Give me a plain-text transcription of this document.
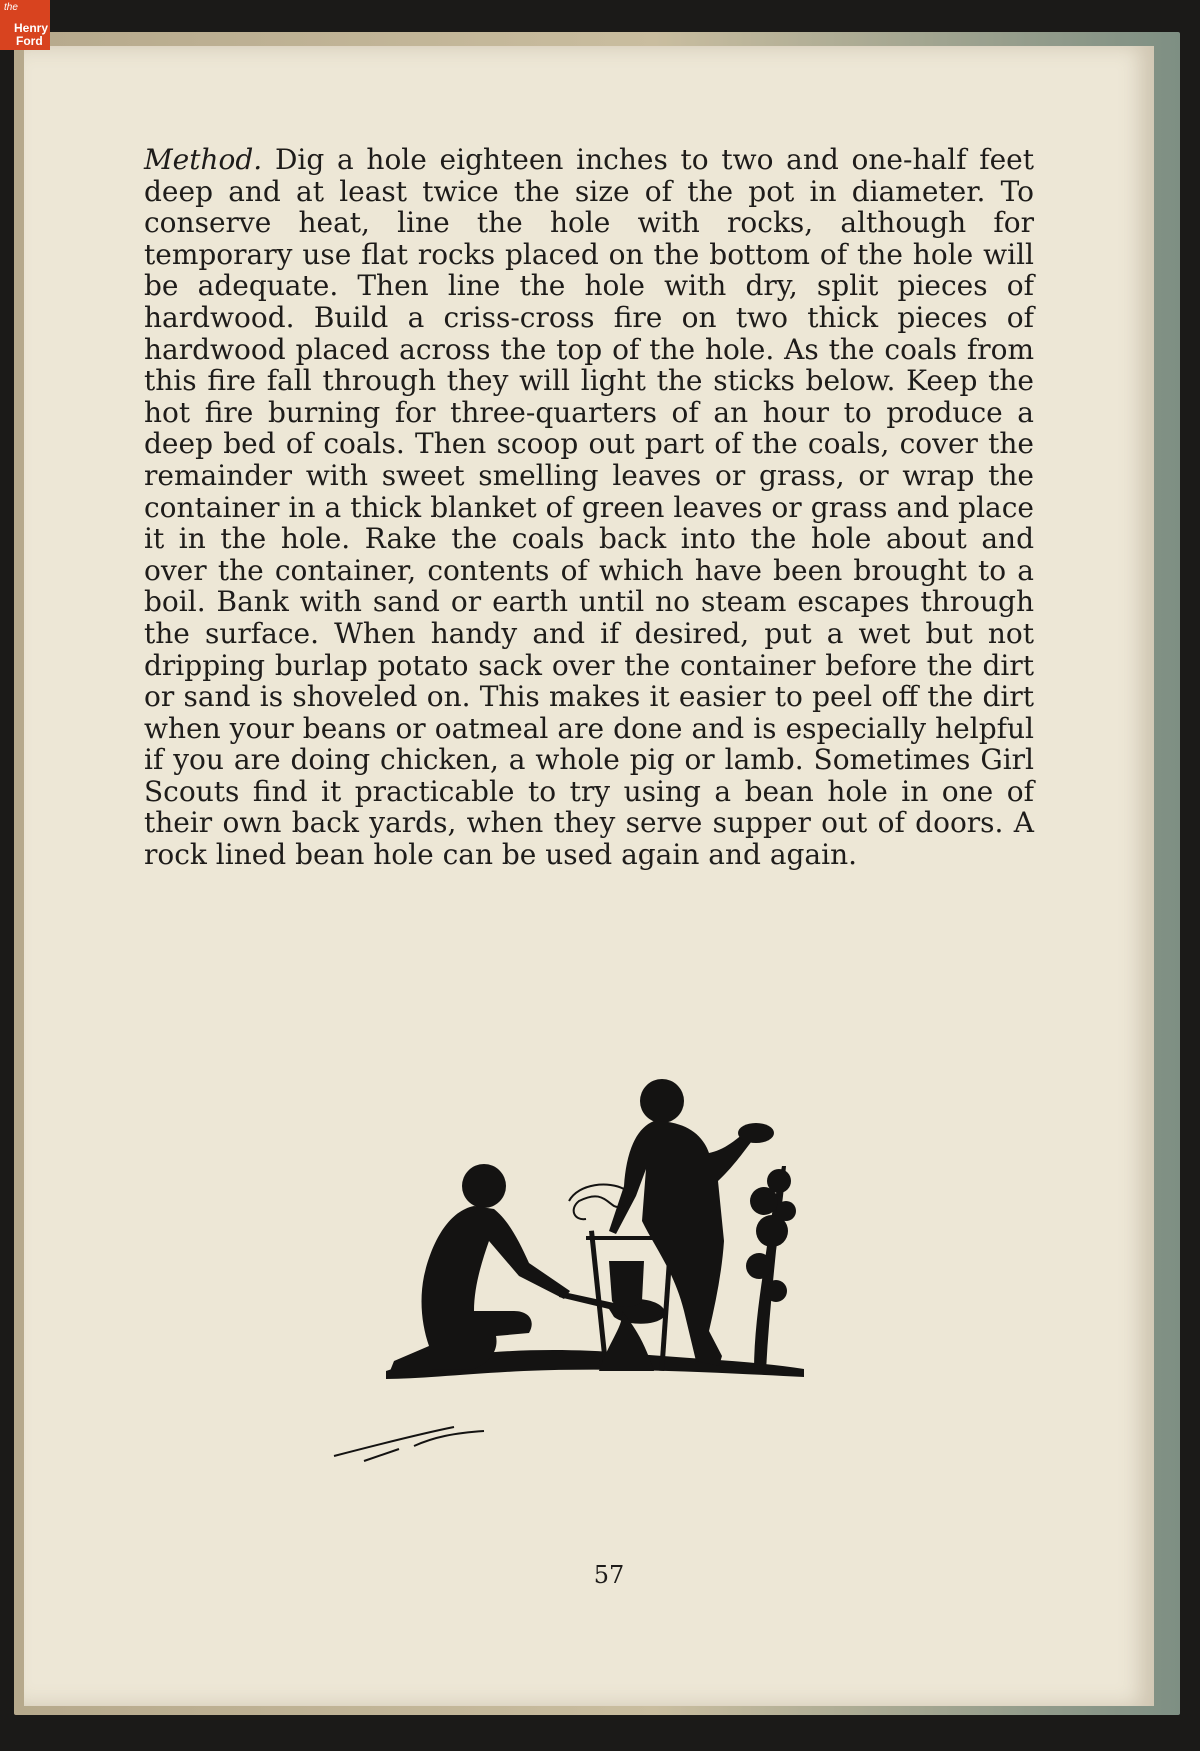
the
Henry
Ford

Method. Dig a hole eighteen inches to two and one-half feet deep and at least twice the size of the pot in diameter. To conserve heat, line the hole with rocks, although for temporary use flat rocks placed on the bottom of the hole will be adequate. Then line the hole with dry, split pieces of hardwood. Build a criss-cross fire on two thick pieces of hardwood placed across the top of the hole. As the coals from this fire fall through they will light the sticks below. Keep the hot fire burning for three-quarters of an hour to produce a deep bed of coals. Then scoop out part of the coals, cover the remainder with sweet smelling leaves or grass, or wrap the container in a thick blanket of green leaves or grass and place it in the hole. Rake the coals back into the hole about and over the container, contents of which have been brought to a boil. Bank with sand or earth until no steam escapes through the surface. When handy and if desired, put a wet but not dripping burlap potato sack over the container before the dirt or sand is shoveled on. This makes it easier to peel off the dirt when your beans or oatmeal are done and is especially helpful if you are doing chicken, a whole pig or lamb. Sometimes Girl Scouts find it practicable to try using a bean hole in one of their own back yards, when they serve supper out of doors. A rock lined bean hole can be used again and again.

57
